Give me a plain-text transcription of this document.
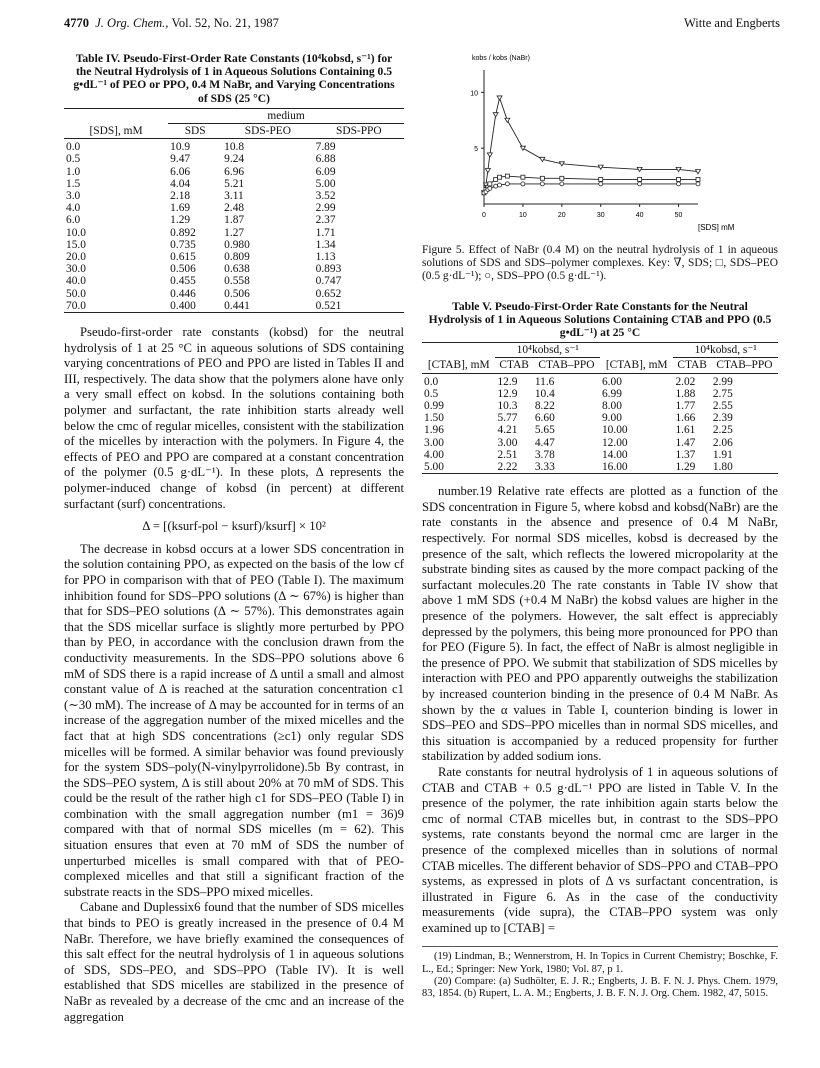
4770 J. Org. Chem., Vol. 52, No. 21, 1987	Witte and Engberts
Table IV. Pseudo-First-Order Rate Constants (10⁴kobsd, s⁻¹) for the Neutral Hydrolysis of 1 in Aqueous Solutions Containing 0.5 g•dL⁻¹ of PEO or PPO, 0.4 M NaBr, and Varying Concentrations of SDS (25 °C)
	medium		
[SDS], mM	SDS	SDS-PEO	SDS-PPO
0.0	10.9	10.8	7.89
0.5	9.47	9.24	6.88
1.0	6.06	6.96	6.09
1.5	4.04	5.21	5.00
3.0	2.18	3.11	3.52
4.0	1.69	2.48	2.99
6.0	1.29	1.87	2.37
10.0	0.892	1.27	1.71
15.0	0.735	0.980	1.34
20.0	0.615	0.809	1.13
30.0	0.506	0.638	0.893
40.0	0.455	0.558	0.747
50.0	0.446	0.506	0.652
70.0	0.400	0.441	0.521

Pseudo-first-order rate constants (kobsd) for the neutral hydrolysis of 1 at 25 °C in aqueous solutions of SDS containing varying concentrations of PEO and PPO are listed in Tables II and III, respectively. The data show that the polymers alone have only a very small effect on kobsd. In the solutions containing both polymer and surfactant, the rate inhibition starts already well below the cmc of regular micelles, consistent with the stabilization of the micelles by interaction with the polymers. In Figure 4, the effects of PEO and PPO are compared at a constant concentration of the polymer (0.5 g·dL⁻¹). In these plots, Δ represents the polymer-induced change of kobsd (in percent) at different surfactant (surf) concentrations.

Δ = [(ksurf-pol − ksurf)/ksurf] × 10²

The decrease in kobsd occurs at a lower SDS concentration in the solution containing PPO, as expected on the basis of the low cf for PPO in comparison with that of PEO (Table I). The maximum inhibition found for SDS–PPO solutions (Δ ∼ 67%) is higher than that for SDS–PEO solutions (Δ ∼ 57%). This demonstrates again that the SDS micellar surface is slightly more perturbed by PPO than by PEO, in accordance with the conclusion drawn from the conductivity measurements. In the SDS–PPO solutions above 6 mM of SDS there is a rapid increase of Δ until a small and almost constant value of Δ is reached at the saturation concentration c1 (∼30 mM). The increase of Δ may be accounted for in terms of an increase of the aggregation number of the mixed micelles and the fact that at high SDS concentrations (≥c1) only regular SDS micelles will be formed. A similar behavior was found previously for the system SDS–poly(N-vinylpyrrolidone).5b By contrast, in the SDS–PEO system, Δ is still about 20% at 70 mM of SDS. This could be the result of the rather high c1 for SDS–PEO (Table I) in combination with the small aggregation number (m1 = 36)9 compared with that of normal SDS micelles (m = 62). This situation ensures that even at 70 mM of SDS the number of unperturbed micelles is small compared with that of PEO-complexed micelles and that still a significant fraction of the substrate reacts in the SDS–PPO mixed micelles.

Cabane and Duplessix6 found that the number of SDS micelles that binds to PEO is greatly increased in the presence of 0.4 M NaBr. Therefore, we have briefly examined the consequences of this salt effect for the neutral hydrolysis of 1 in aqueous solutions of SDS, SDS–PEO, and SDS–PPO (Table IV). It is well established that SDS micelles are stabilized in the presence of NaBr as revealed by a decrease of the cmc and an increase of the aggregation

kobs / kobs (NaBr)
[SDS] mM
0	10	20	30	40	50
5
10
Figure 5. Effect of NaBr (0.4 M) on the neutral hydrolysis of 1 in aqueous solutions of SDS and SDS–polymer complexes. Key: ∇, SDS; □, SDS–PEO (0.5 g·dL⁻¹); ○, SDS–PPO (0.5 g·dL⁻¹).
Table V. Pseudo-First-Order Rate Constants for the Neutral Hydrolysis of 1 in Aqueous Solutions Containing CTAB and PPO (0.5 g•dL⁻¹) at 25 °C
	10⁴kobsd, s⁻¹			10⁴kobsd, s⁻¹	
[CTAB], mM	CTAB	CTAB–PPO	[CTAB], mM	CTAB	CTAB–PPO
0.0	12.9	11.6	6.00	2.02	2.99
0.5	12.9	10.4	6.99	1.88	2.75
0.99	10.3	8.22	8.00	1.77	2.55
1.50	5.77	6.60	9.00	1.66	2.39
1.96	4.21	5.65	10.00	1.61	2.25
3.00	3.00	4.47	12.00	1.47	2.06
4.00	2.51	3.78	14.00	1.37	1.91
5.00	2.22	3.33	16.00	1.29	1.80

number.19 Relative rate effects are plotted as a function of the SDS concentration in Figure 5, where kobsd and kobsd(NaBr) are the rate constants in the absence and presence of 0.4 M NaBr, respectively. For normal SDS micelles, kobsd is decreased by the presence of the salt, which reflects the lowered micropolarity at the substrate binding sites as caused by the more compact packing of the surfactant molecules.20 The rate constants in Table IV show that above 1 mM SDS (+0.4 M NaBr) the kobsd values are higher in the presence of the polymers. However, the salt effect is appreciably depressed by the polymers, this being more pronounced for PPO than for PEO (Figure 5). In fact, the effect of NaBr is almost negligible in the presence of PPO. We submit that stabilization of SDS micelles by interaction with PEO and PPO apparently outweighs the stabilization by increased counterion binding in the presence of 0.4 M NaBr. As shown by the α values in Table I, counterion binding is lower in SDS–PEO and SDS–PPO micelles than in normal SDS micelles, and this situation is accompanied by a reduced propensity for further stabilization by added sodium ions.

Rate constants for neutral hydrolysis of 1 in aqueous solutions of CTAB and CTAB + 0.5 g·dL⁻¹ PPO are listed in Table V. In the presence of the polymer, the rate inhibition again starts below the cmc of normal CTAB micelles but, in contrast to the SDS–PPO systems, rate constants beyond the normal cmc are larger in the presence of the complexed micelles than in solutions of normal CTAB micelles. The different behavior of SDS–PPO and CTAB–PPO systems, as expressed in plots of Δ vs surfactant concentration, is illustrated in Figure 6. As in the case of the conductivity measurements (vide supra), the CTAB–PPO system was only examined up to [CTAB] =

(19) Lindman, B.; Wennerstrom, H. In Topics in Current Chemistry; Boschke, F. L., Ed.; Springer: New York, 1980; Vol. 87, p 1.
(20) Compare: (a) Sudhölter, E. J. R.; Engberts, J. B. F. N. J. Phys. Chem. 1979, 83, 1854. (b) Rupert, L. A. M.; Engberts, J. B. F. N. J. Org. Chem. 1982, 47, 5015.
